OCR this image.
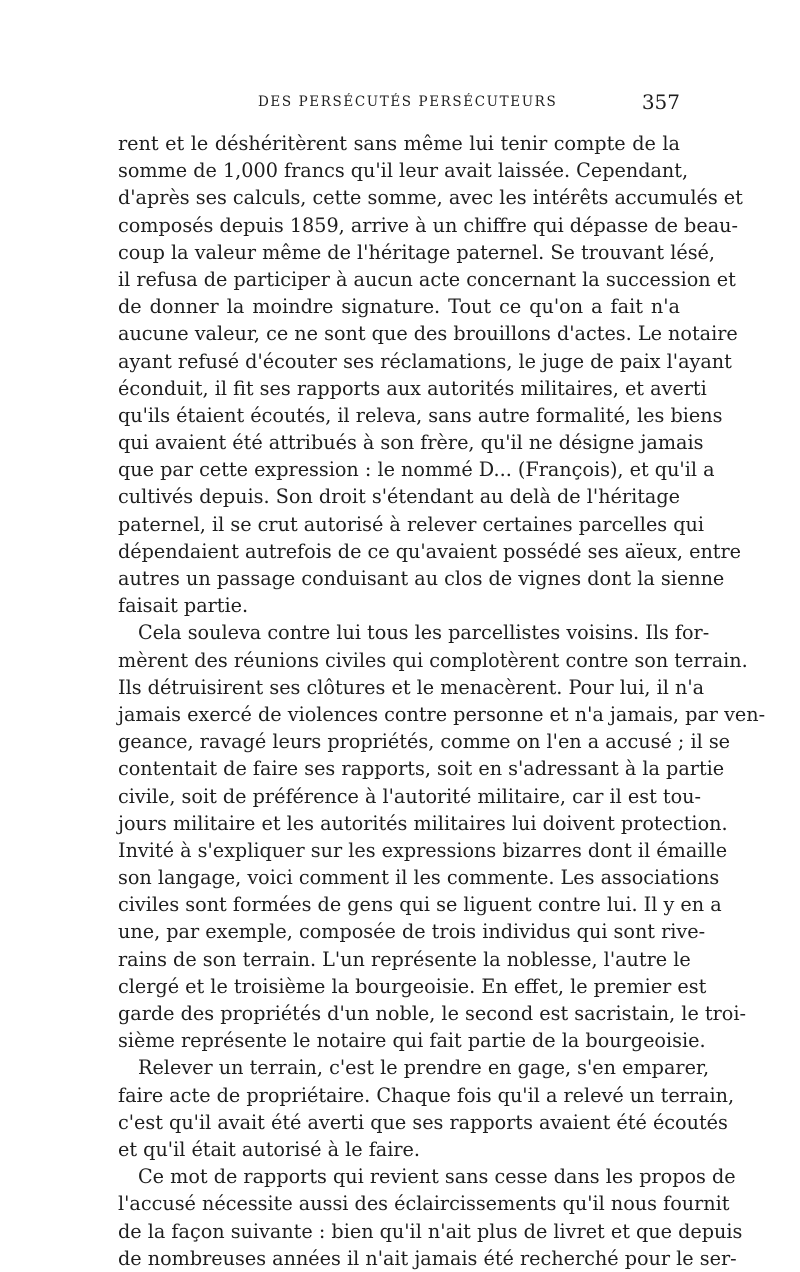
DES PERSÉCUTÉS PERSÉCUTEURS	357
rent et le déshéritèrent sans même lui tenir compte de la
somme de 1,000 francs qu'il leur avait laissée. Cependant,
d'après ses calculs, cette somme, avec les intérêts accumulés et
composés depuis 1859, arrive à un chiffre qui dépasse de beau-
coup la valeur même de l'héritage paternel. Se trouvant lésé,
il refusa de participer à aucun acte concernant la succession et
de donner la moindre signature. Tout ce qu'on a fait n'a
aucune valeur, ce ne sont que des brouillons d'actes. Le notaire
ayant refusé d'écouter ses réclamations, le juge de paix l'ayant
éconduit, il fit ses rapports aux autorités militaires, et averti
qu'ils étaient écoutés, il releva, sans autre formalité, les biens
qui avaient été attribués à son frère, qu'il ne désigne jamais
que par cette expression : le nommé D... (François), et qu'il a
cultivés depuis. Son droit s'étendant au delà de l'héritage
paternel, il se crut autorisé à relever certaines parcelles qui
dépendaient autrefois de ce qu'avaient possédé ses aïeux, entre
autres un passage conduisant au clos de vignes dont la sienne
faisait partie.
Cela souleva contre lui tous les parcellistes voisins. Ils for-
mèrent des réunions civiles qui complotèrent contre son terrain.
Ils détruisirent ses clôtures et le menacèrent. Pour lui, il n'a
jamais exercé de violences contre personne et n'a jamais, par ven-
geance, ravagé leurs propriétés, comme on l'en a accusé ; il se
contentait de faire ses rapports, soit en s'adressant à la partie
civile, soit de préférence à l'autorité militaire, car il est tou-
jours militaire et les autorités militaires lui doivent protection.
Invité à s'expliquer sur les expressions bizarres dont il émaille
son langage, voici comment il les commente. Les associations
civiles sont formées de gens qui se liguent contre lui. Il y en a
une, par exemple, composée de trois individus qui sont rive-
rains de son terrain. L'un représente la noblesse, l'autre le
clergé et le troisième la bourgeoisie. En effet, le premier est
garde des propriétés d'un noble, le second est sacristain, le troi-
sième représente le notaire qui fait partie de la bourgeoisie.
Relever un terrain, c'est le prendre en gage, s'en emparer,
faire acte de propriétaire. Chaque fois qu'il a relevé un terrain,
c'est qu'il avait été averti que ses rapports avaient été écoutés
et qu'il était autorisé à le faire.
Ce mot de rapports qui revient sans cesse dans les propos de
l'accusé nécessite aussi des éclaircissements qu'il nous fournit
de la façon suivante : bien qu'il n'ait plus de livret et que depuis
de nombreuses années il n'ait jamais été recherché pour le ser-
